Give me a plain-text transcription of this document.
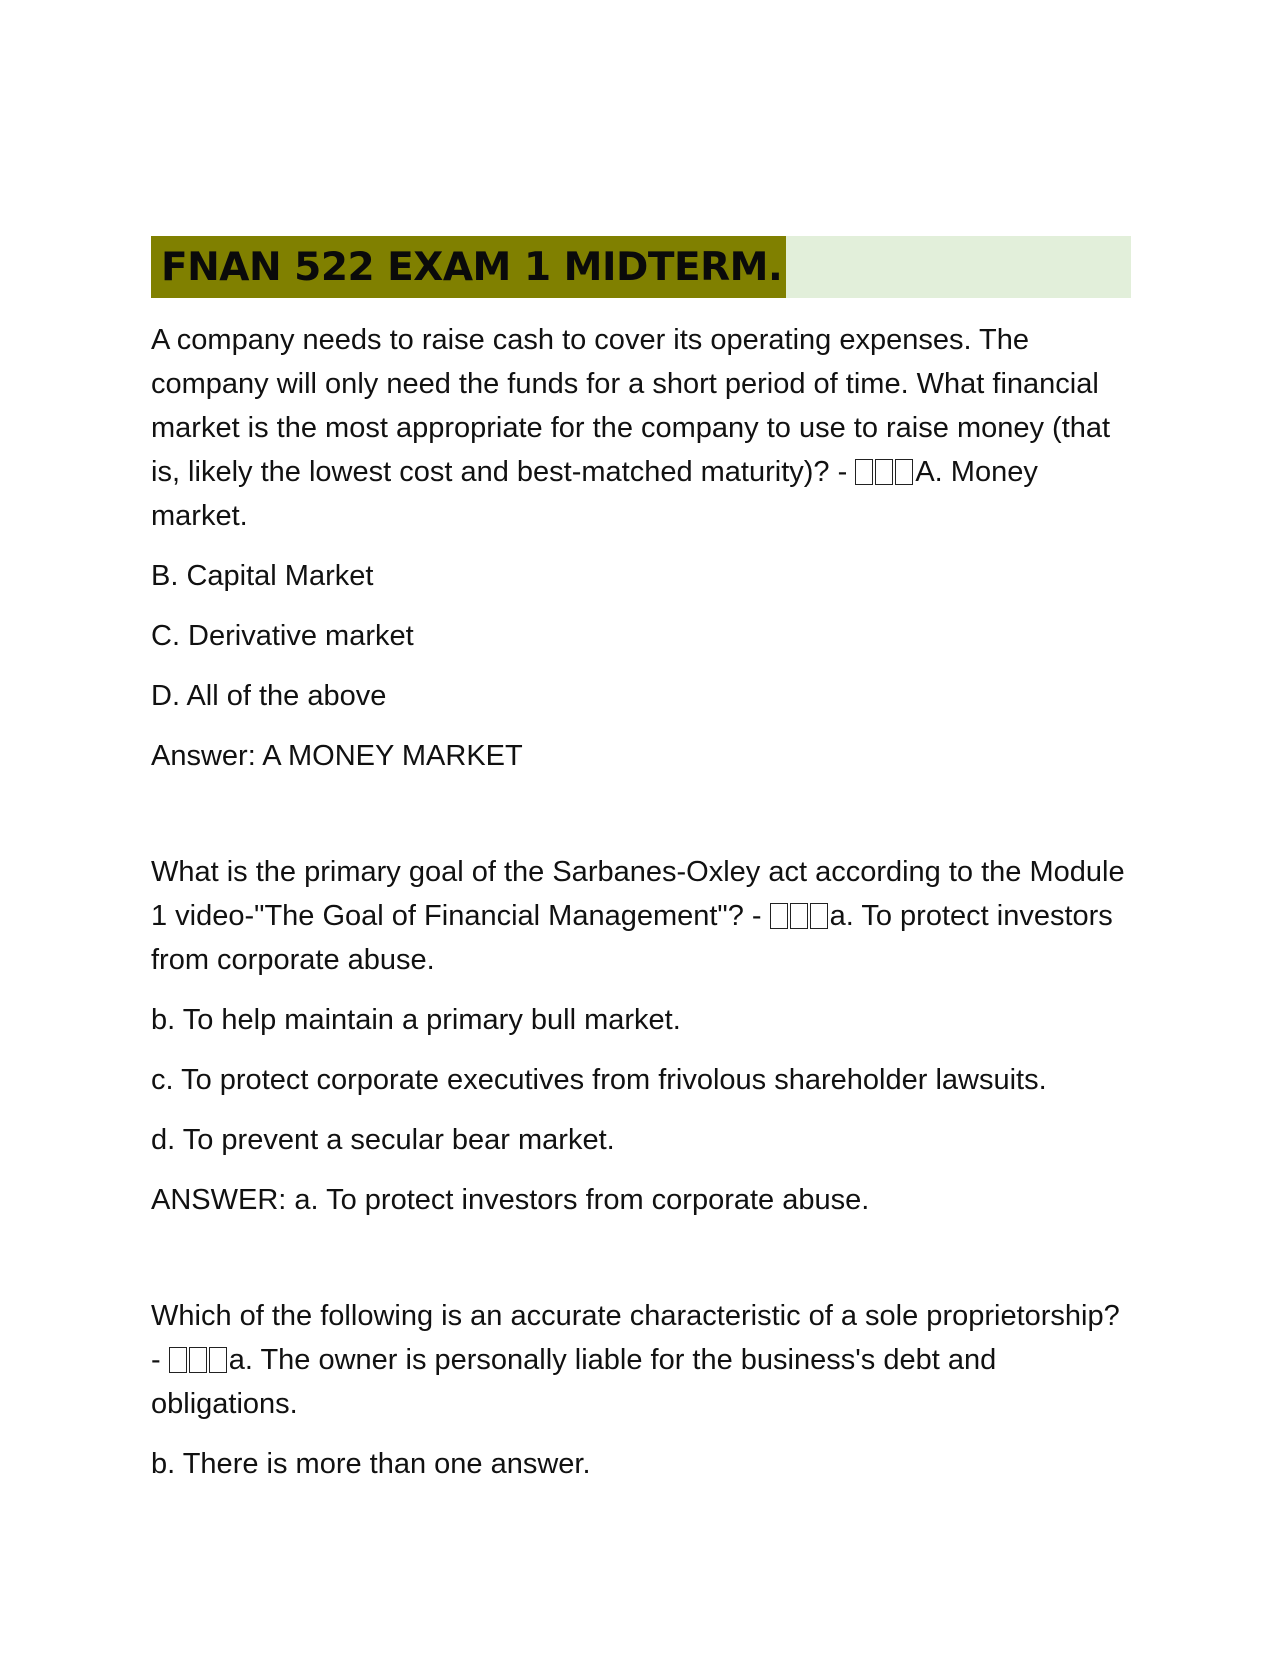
FNAN 522 EXAM 1 MIDTERM.

A company needs to raise cash to cover its operating expenses. The company will only need the funds for a short period of time. What financial market is the most appropriate for the company to use to raise money (that is, likely the lowest cost and best-matched maturity)? - A. Money market.

B. Capital Market

C. Derivative market

D. All of the above

Answer: A MONEY MARKET

What is the primary goal of the Sarbanes-Oxley act according to the Module 1 video-"The Goal of Financial Management"? - a. To protect investors from corporate abuse.

b. To help maintain a primary bull market.

c. To protect corporate executives from frivolous shareholder lawsuits.

d. To prevent a secular bear market.

ANSWER: a. To protect investors from corporate abuse.

Which of the following is an accurate characteristic of a sole proprietorship? - a. The owner is personally liable for the business's debt and obligations.

b. There is more than one answer.
